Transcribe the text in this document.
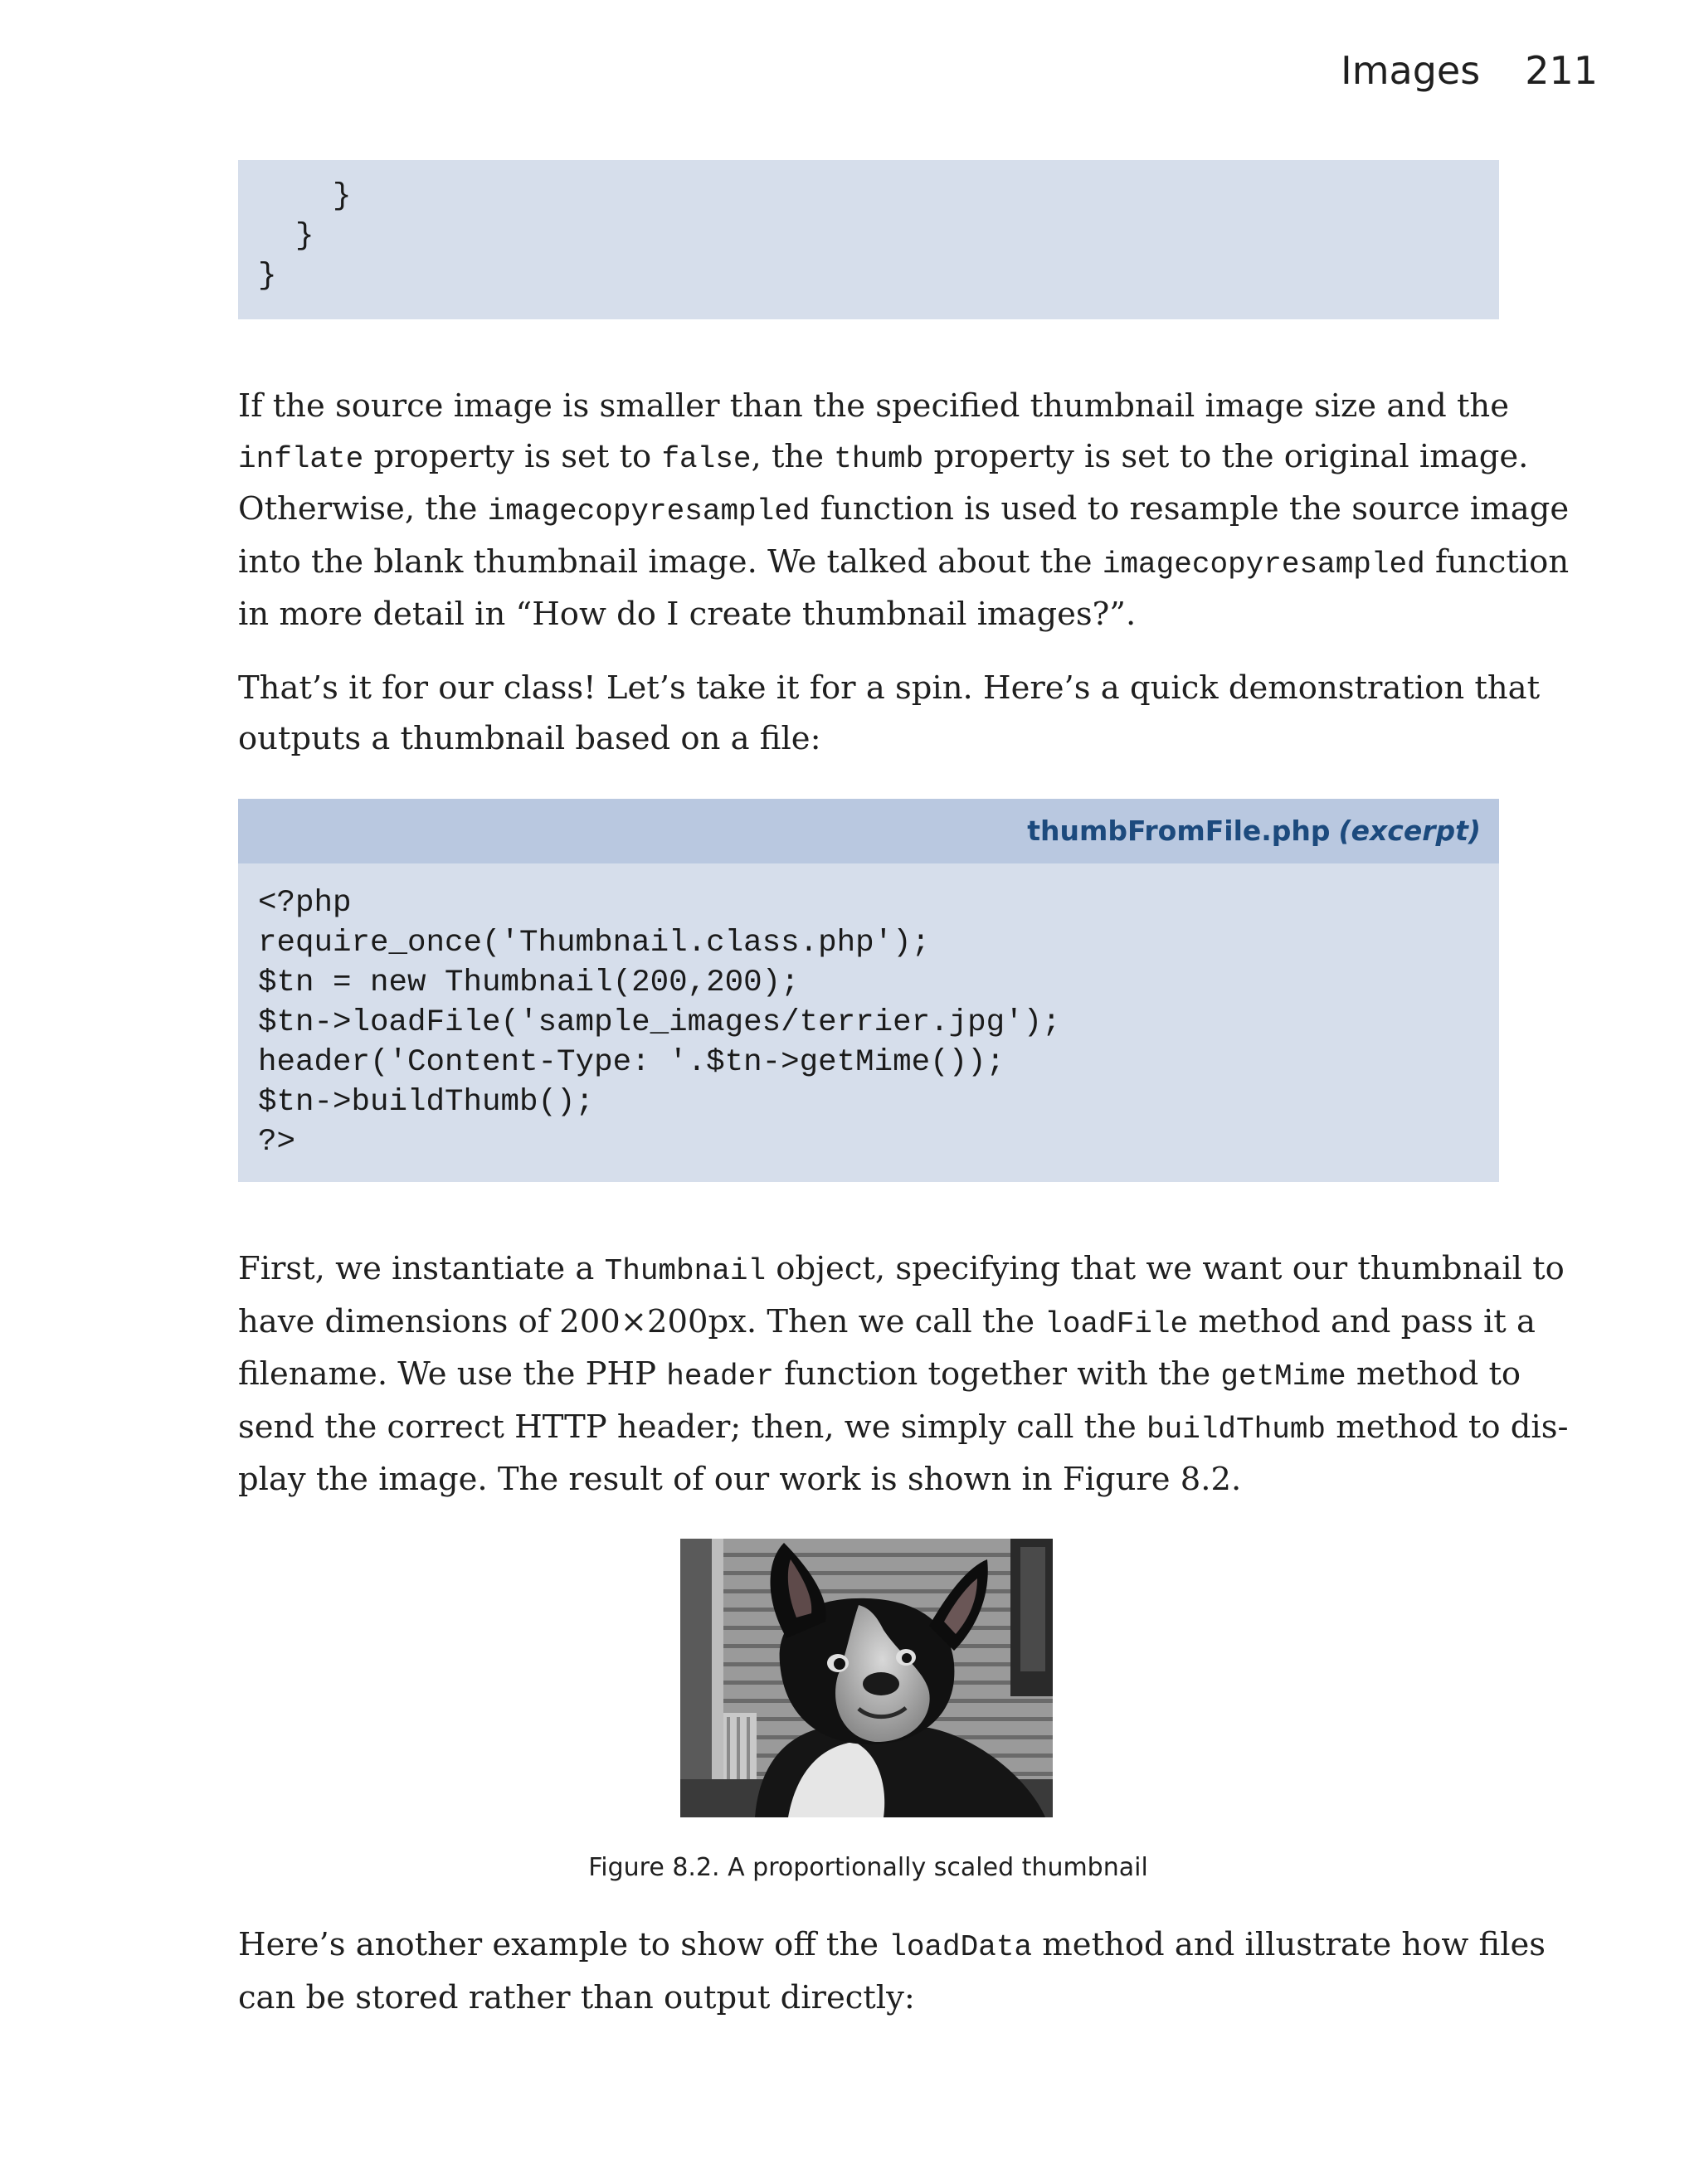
Images 211
}
}
}

If the source image is smaller than the specified thumbnail image size and the
inflate property is set to false, the thumb property is set to the original image.
Otherwise, the imagecopyresampled function is used to resample the source image
into the blank thumbnail image. We talked about the imagecopyresampled function
in more detail in “How do I create thumbnail images?”.

That’s it for our class! Let’s take it for a spin. Here’s a quick demonstration that
outputs a thumbnail based on a file:

thumbFromFile.php (excerpt)
<?php
require_once('Thumbnail.class.php');
$tn = new Thumbnail(200,200);
$tn->loadFile('sample_images/terrier.jpg');
header('Content-Type: '.$tn->getMime());
$tn->buildThumb();
?>

First, we instantiate a Thumbnail object, specifying that we want our thumbnail to
have dimensions of 200×200px. Then we call the loadFile method and pass it a
filename. We use the PHP header function together with the getMime method to
send the correct HTTP header; then, we simply call the buildThumb method to dis-
play the image. The result of our work is shown in Figure 8.2.

Figure 8.2. A proportionally scaled thumbnail

Here’s another example to show off the loadData method and illustrate how files
can be stored rather than output directly:
